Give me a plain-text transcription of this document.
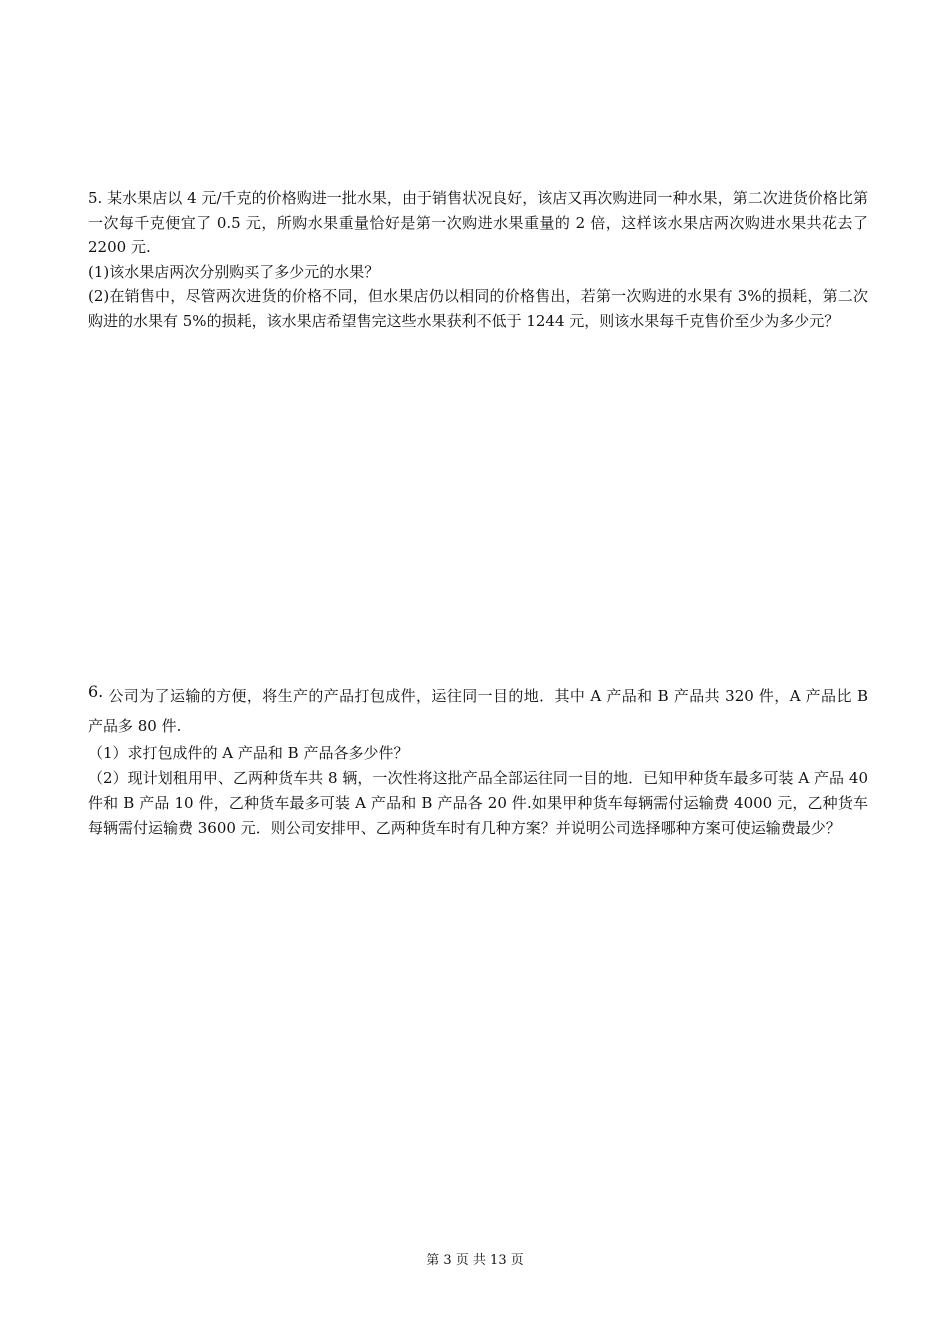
5. 某水果店以 4 元/千克的价格购进一批水果，由于销售状况良好，该店又再次购进同一种水果，第二次进货价格比第一次每千克便宜了 0.5 元，所购水果重量恰好是第一次购进水果重量的 2 倍，这样该水果店两次购进水果共花去了 2200 元.

(1)该水果店两次分别购买了多少元的水果？

(2)在销售中，尽管两次进货的价格不同，但水果店仍以相同的价格售出，若第一次购进的水果有 3%的损耗，第二次购进的水果有 5%的损耗，该水果店希望售完这些水果获利不低于 1244 元，则该水果每千克售价至少为多少元？

6. 公司为了运输的方便，将生产的产品打包成件，运往同一目的地．其中 A 产品和 B 产品共 320 件，A 产品比 B 产品多 80 件.

（1）求打包成件的 A 产品和 B 产品各多少件？

（2）现计划租用甲、乙两种货车共 8 辆，一次性将这批产品全部运往同一目的地．已知甲种货车最多可装 A 产品 40 件和 B 产品 10 件，乙种货车最多可装 A 产品和 B 产品各 20 件.如果甲种货车每辆需付运输费 4000 元，乙种货车每辆需付运输费 3600 元．则公司安排甲、乙两种货车时有几种方案？并说明公司选择哪种方案可使运输费最少？

第 3 页 共 13 页
